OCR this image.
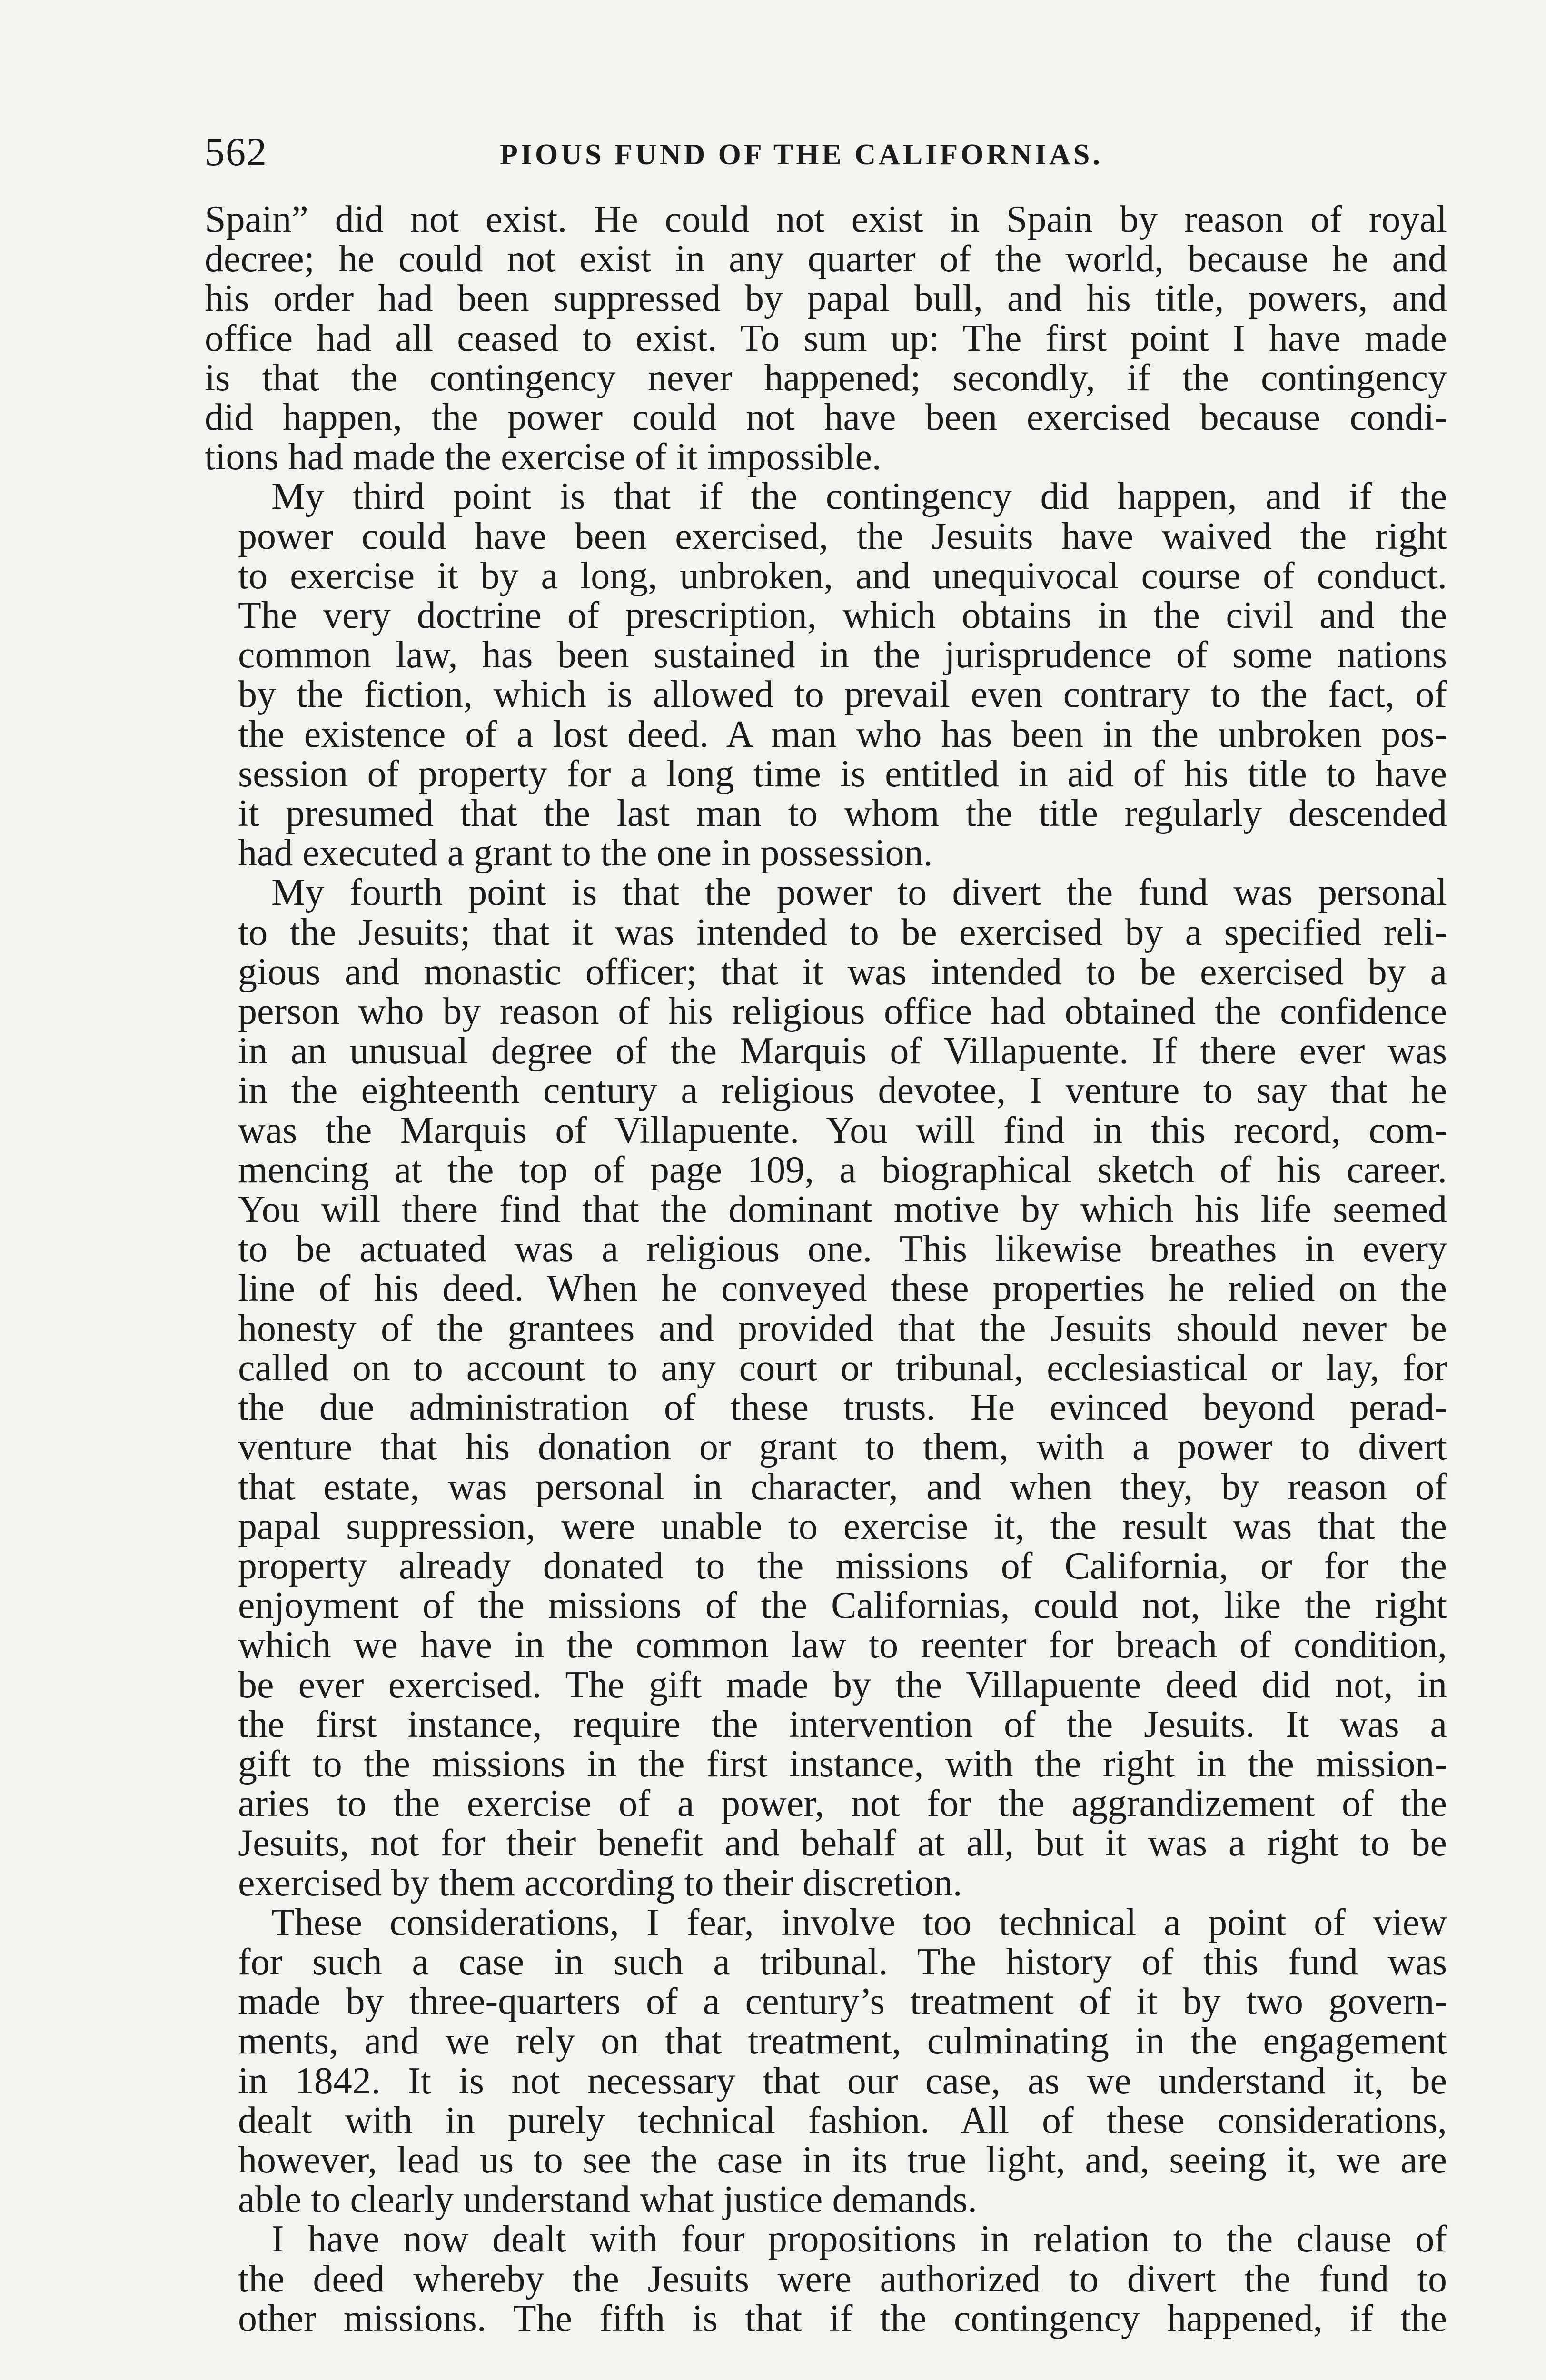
562	PIOUS FUND OF THE CALIFORNIAS.

Spain” did not exist. He could not exist in Spain by reason of royal
decree; he could not exist in any quarter of the world, because he and
his order had been suppressed by papal bull, and his title, powers, and
office had all ceased to exist. To sum up: The first point I have made
is that the contingency never happened; secondly, if the contingency
did happen, the power could not have been exercised because condi-
tions had made the exercise of it impossible.

My third point is that if the contingency did happen, and if the
power could have been exercised, the Jesuits have waived the right
to exercise it by a long, unbroken, and unequivocal course of conduct.
The very doctrine of prescription, which obtains in the civil and the
common law, has been sustained in the jurisprudence of some nations
by the fiction, which is allowed to prevail even contrary to the fact, of
the existence of a lost deed. A man who has been in the unbroken pos-
session of property for a long time is entitled in aid of his title to have
it presumed that the last man to whom the title regularly descended
had executed a grant to the one in possession.

My fourth point is that the power to divert the fund was personal
to the Jesuits; that it was intended to be exercised by a specified reli-
gious and monastic officer; that it was intended to be exercised by a
person who by reason of his religious office had obtained the confidence
in an unusual degree of the Marquis of Villapuente. If there ever was
in the eighteenth century a religious devotee, I venture to say that he
was the Marquis of Villapuente. You will find in this record, com-
mencing at the top of page 109, a biographical sketch of his career.
You will there find that the dominant motive by which his life seemed
to be actuated was a religious one. This likewise breathes in every
line of his deed. When he conveyed these properties he relied on the
honesty of the grantees and provided that the Jesuits should never be
called on to account to any court or tribunal, ecclesiastical or lay, for
the due administration of these trusts. He evinced beyond perad-
venture that his donation or grant to them, with a power to divert
that estate, was personal in character, and when they, by reason of
papal suppression, were unable to exercise it, the result was that the
property already donated to the missions of California, or for the
enjoyment of the missions of the Californias, could not, like the right
which we have in the common law to reenter for breach of condition,
be ever exercised. The gift made by the Villapuente deed did not, in
the first instance, require the intervention of the Jesuits. It was a
gift to the missions in the first instance, with the right in the mission-
aries to the exercise of a power, not for the aggrandizement of the
Jesuits, not for their benefit and behalf at all, but it was a right to be
exercised by them according to their discretion.

These considerations, I fear, involve too technical a point of view
for such a case in such a tribunal. The history of this fund was
made by three-quarters of a century’s treatment of it by two govern-
ments, and we rely on that treatment, culminating in the engagement
in 1842. It is not necessary that our case, as we understand it, be
dealt with in purely technical fashion. All of these considerations,
however, lead us to see the case in its true light, and, seeing it, we are
able to clearly understand what justice demands.

I have now dealt with four propositions in relation to the clause of
the deed whereby the Jesuits were authorized to divert the fund to
other missions. The fifth is that if the contingency happened, if the
